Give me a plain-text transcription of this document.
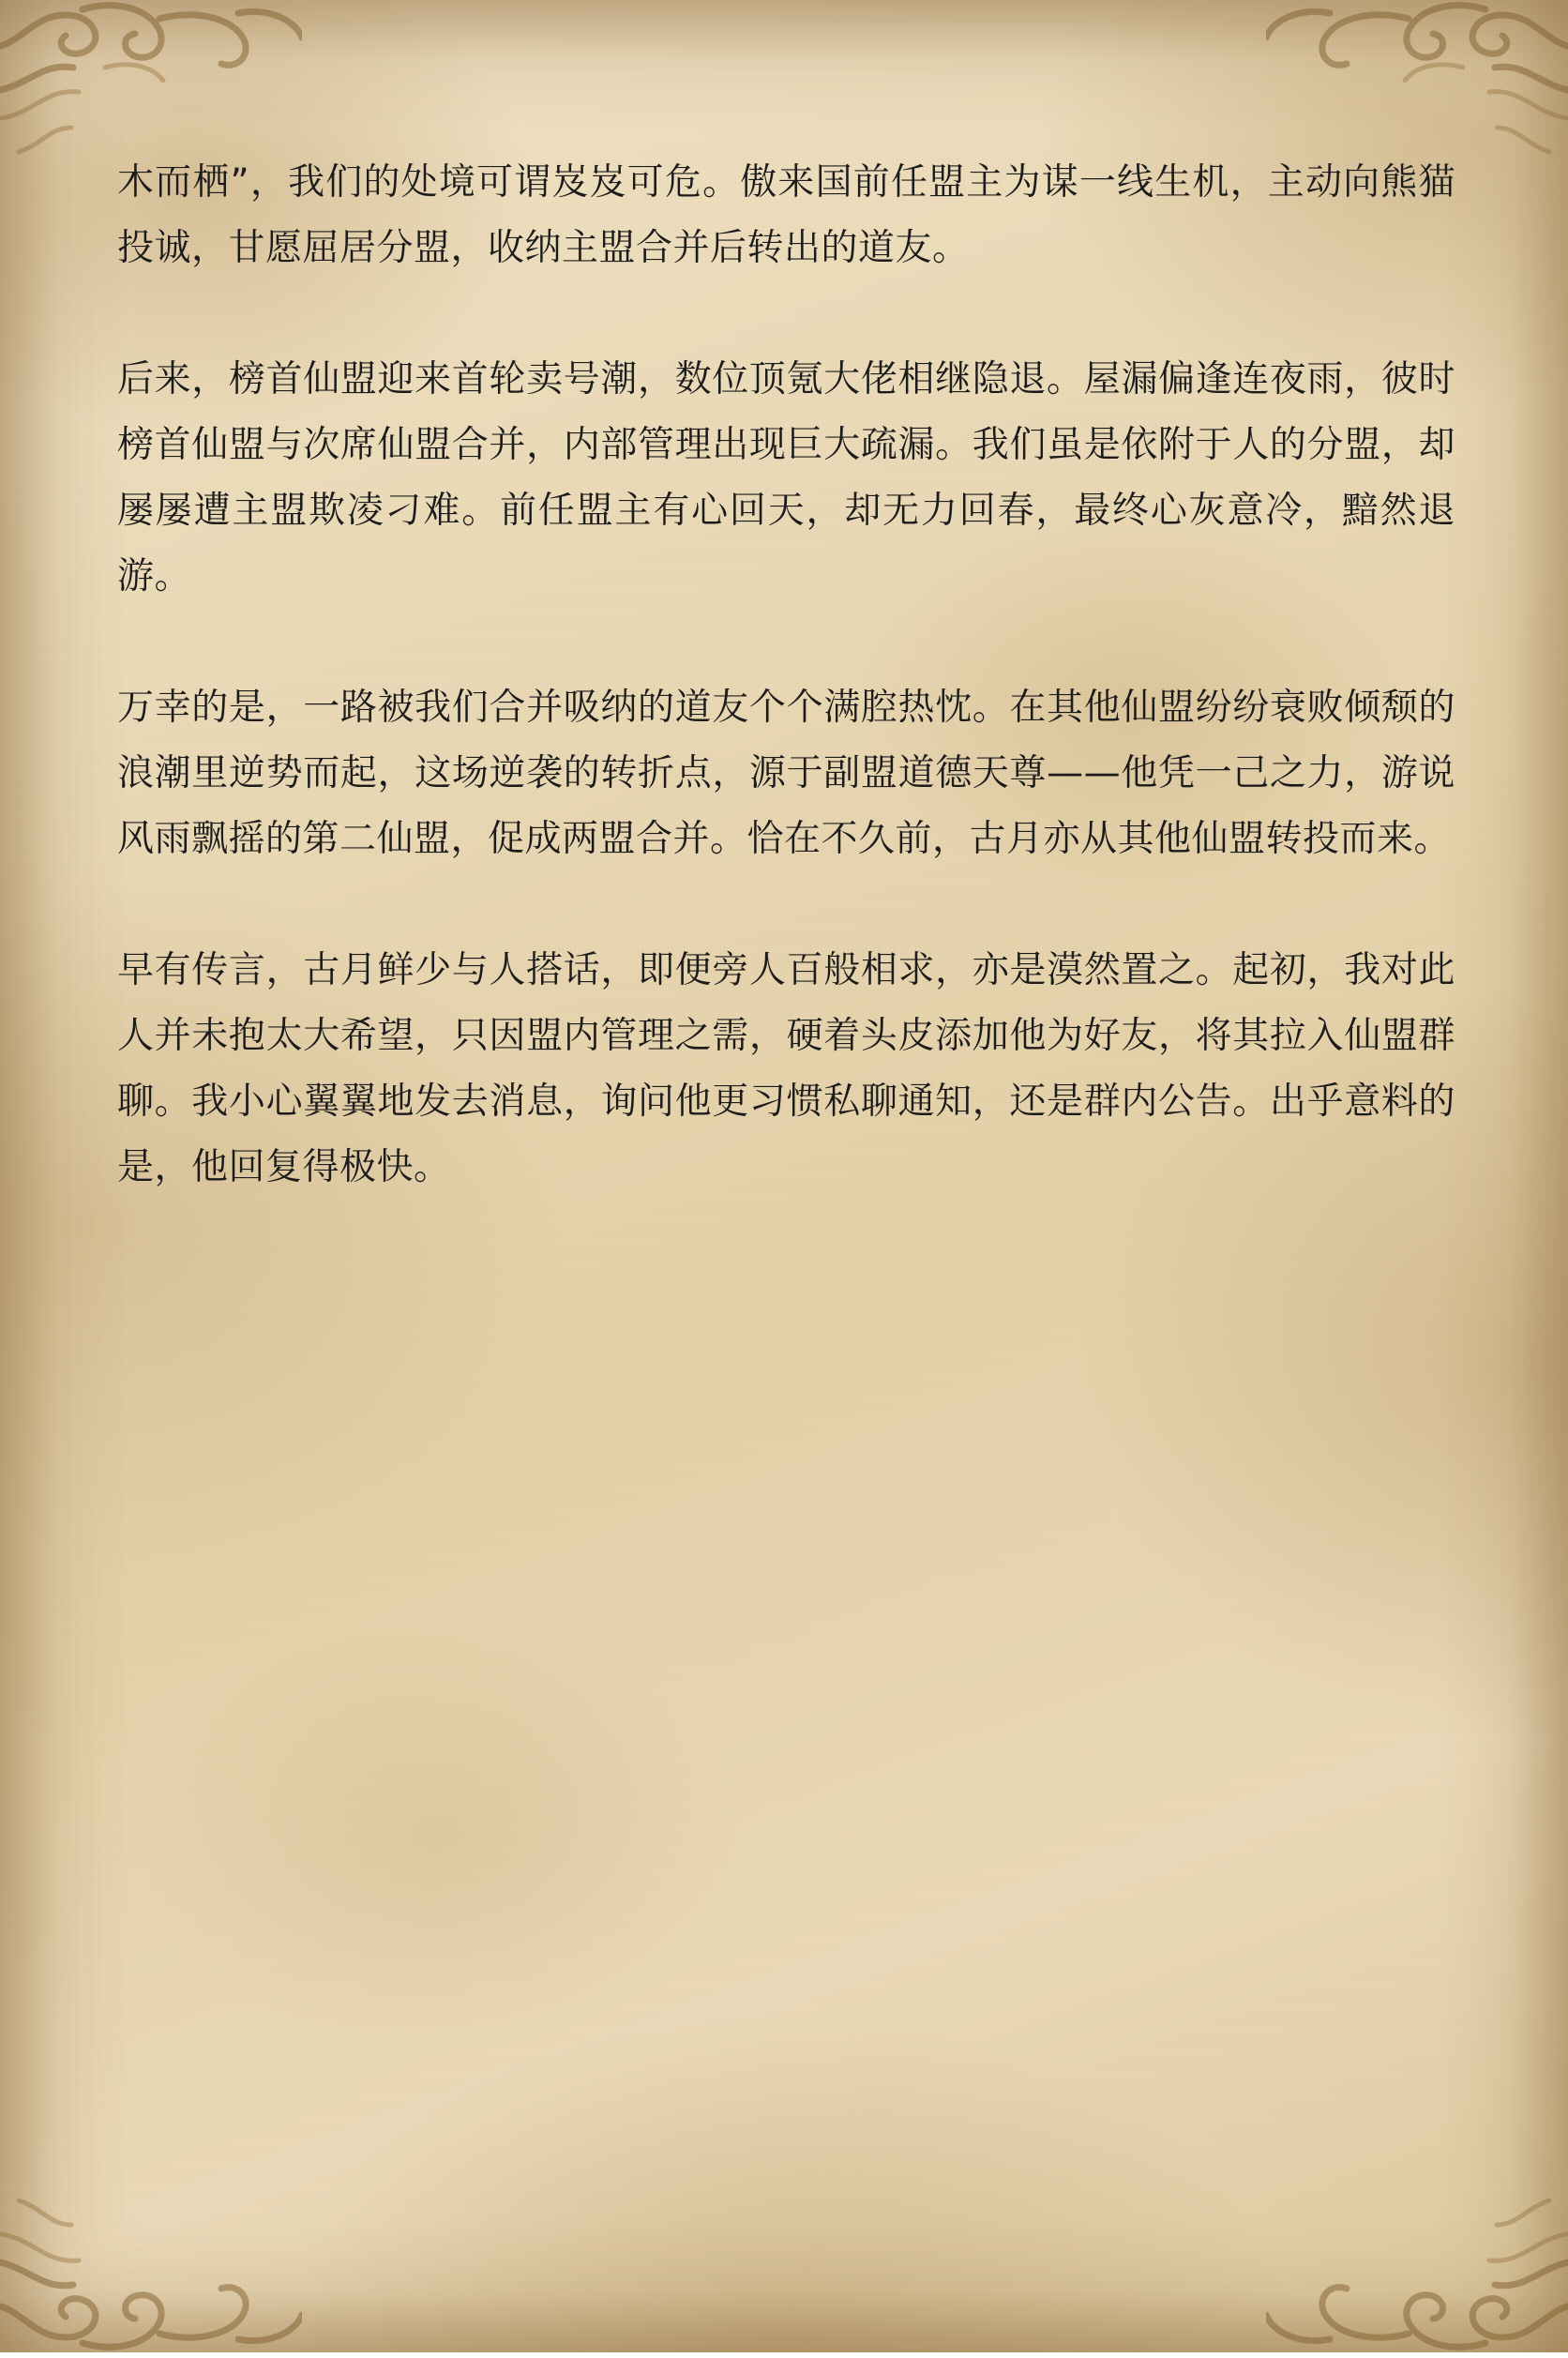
木而栖”，我们的处境可谓岌岌可危。傲来国前任盟主为谋一线生机，主动向熊猫投诚，甘愿屈居分盟，收纳主盟合并后转出的道友。

后来，榜首仙盟迎来首轮卖号潮，数位顶氪大佬相继隐退。屋漏偏逢连夜雨，彼时榜首仙盟与次席仙盟合并，内部管理出现巨大疏漏。我们虽是依附于人的分盟，却屡屡遭主盟欺凌刁难。前任盟主有心回天，却无力回春，最终心灰意冷，黯然退游。

万幸的是，一路被我们合并吸纳的道友个个满腔热忱。在其他仙盟纷纷衰败倾颓的浪潮里逆势而起，这场逆袭的转折点，源于副盟道德天尊——他凭一己之力，游说风雨飘摇的第二仙盟，促成两盟合并。恰在不久前，古月亦从其他仙盟转投而来。

早有传言，古月鲜少与人搭话，即便旁人百般相求，亦是漠然置之。起初，我对此人并未抱太大希望，只因盟内管理之需，硬着头皮添加他为好友，将其拉入仙盟群聊。我小心翼翼地发去消息，询问他更习惯私聊通知，还是群内公告。出乎意料的是，他回复得极快。
